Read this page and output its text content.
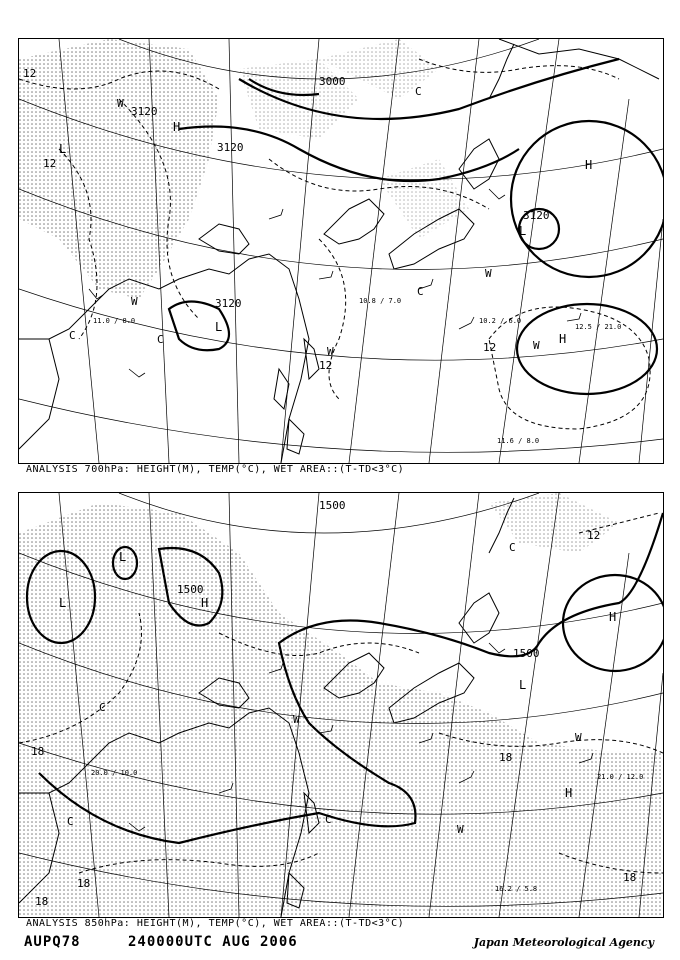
L
H
L
H
H
L
3000
3120
3120
3120
3120
12
12
12
12
W
W
W
W	W
C	C
C
C
10.2 / 6.0
12.5 / 21.0
11.6 / 8.0
10.8 / 7.0
11.0 / 8.0
ANALYSIS 700hPa: HEIGHT(M), TEMP(°C), WET AREA::(T-TD<3°C)
L
L
H
L
H
H
1500
1500
1500
18
18
18
18
18
12
W
W
W
C	C
C
C
21.0 / 12.0
16.2 / 5.8
20.0 / 10.0
ANALYSIS 850hPa: HEIGHT(M), TEMP(°C), WET AREA::(T-TD<3°C)
AUPQ78	240000UTC AUG 2006	Japan Meteorological Agency
